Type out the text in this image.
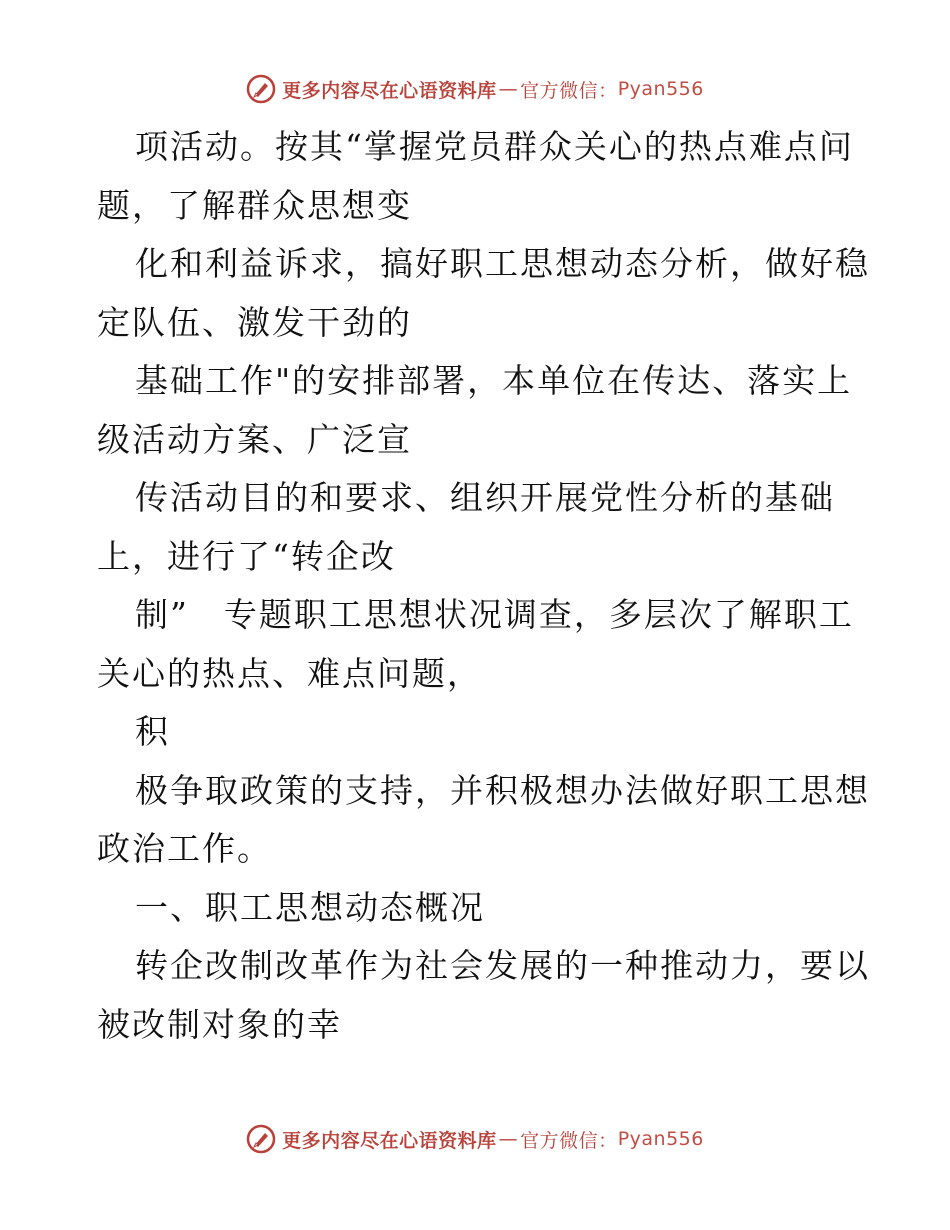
更多内容尽在心语资料库 — 官方微信： Pyan556
项活动。按其“掌握党员群众关心的热点难点问
题，了解群众思想变
化和利益诉求，搞好职工思想动态分析，做好稳
定队伍、激发干劲的
基础工作"的安排部署，本单位在传达、落实上
级活动方案、广泛宣
传活动目的和要求、组织开展党性分析的基础
上，进行了“转企改
制”　专题职工思想状况调查，多层次了解职工
关心的热点、难点问题，
积
极争取政策的支持，并积极想办法做好职工思想
政治工作。
一、职工思想动态概况
转企改制改革作为社会发展的一种推动力，要以
被改制对象的幸
更多内容尽在心语资料库 — 官方微信： Pyan556
